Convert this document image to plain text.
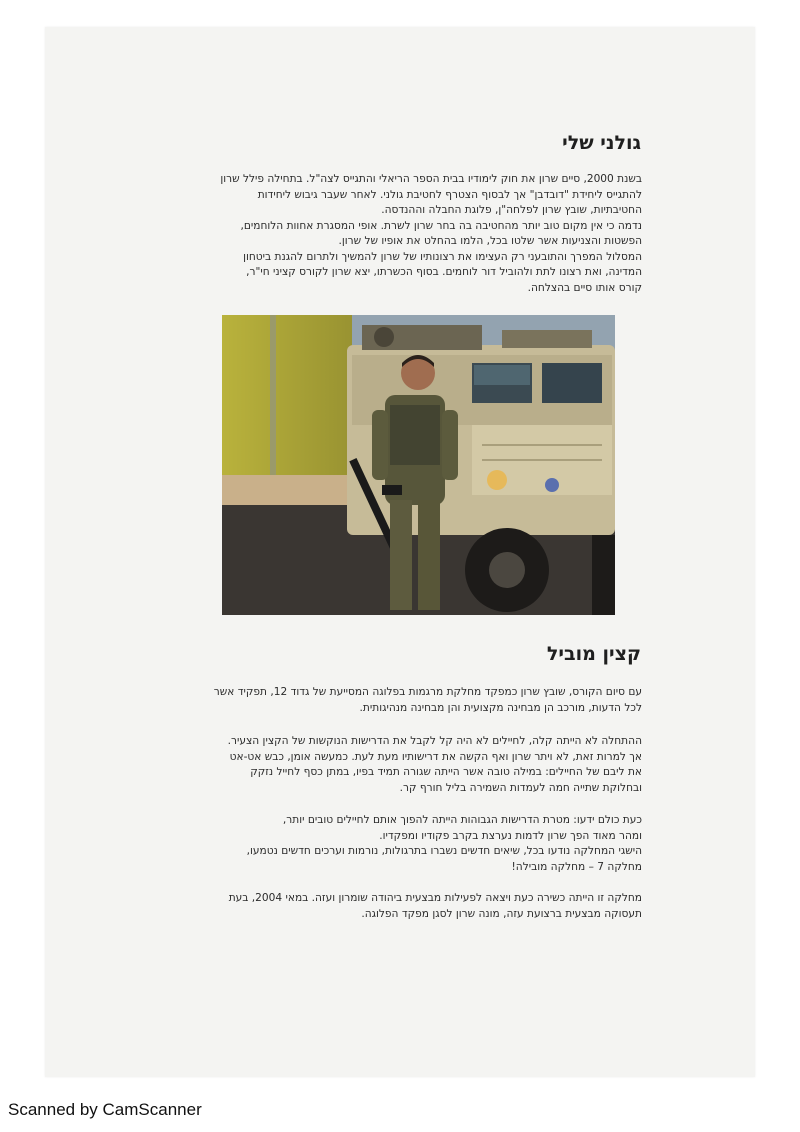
גולני שלי
בשנת 2000, סיים שרון את חוק לימודיו בבית הספר הריאלי והתגייס לצה"ל. בתחילה פילל שרון
להתגייס ליחידת "דובדבן" אך לבסוף הצטרף לחטיבת גולני. לאחר שעבר גיבוש ליחידות
החטיבתיות, שובץ שרון לפלחה"ן, פלוגת החבלה וההנדסה.
נדמה כי אין מקום טוב יותר מהחטיבה בה בחר שרון לשרת. אופי המסגרת אחוות הלוחמים,
הפשטות והצניעות אשר שלטו בכל, הלמו בהחלט את אופיו של שרון.
המסלול המפרך והתובעני רק העצימו את רצונותיו של שרון להמשיך ולתרום להגנת ביטחון
המדינה, ואת רצונו לתת ולהוביל דור לוחמים. בסוף הכשרתו, יצא שרון לקורס קציני חי"ר,
קורס אותו סיים בהצלחה.
קצין מוביל
עם סיום הקורס, שובץ שרון כמפקד מחלקת מרגמות בפלוגה המסייעת של גדוד 12, תפקיד אשר
לכל הדעות, מורכב הן מבחינה מקצועית והן מבחינה מנהיגותית.
ההתחלה לא הייתה קלה, לחיילים לא היה קל לקבל את הדרישות הנוקשות של הקצין הצעיר.
אך למרות זאת, לא ויתר שרון ואף הקשה את דרישותיו מעת לעת. כמעשה אומן, כבש אט-אט
את ליבם של החיילים: במילה טובה אשר הייתה שגורה תמיד בפיו, במתן כסף לחייל נזקק
ובחלוקת שתייה חמה לעמדות השמירה בליל חורף קר.
כעת כולם ידעו: מטרת הדרישות הגבוהות הייתה להפוך אותם לחיילים טובים יותר,
ומהר מאוד הפך שרון לדמות נערצת בקרב פקודיו ומפקדיו.
הישגי המחלקה נודעו בכל, שיאים חדשים נשברו בתרגולות, נורמות וערכים חדשים נטמעו,
מחלקה 7 – מחלקה מובילה!
מחלקה זו הייתה כשירה כעת ויצאה לפעילות מבצעית ביהודה שומרון ועזה. במאי 2004, בעת
תעסוקה מבצעית ברצועת עזה, מונה שרון לסגן מפקד הפלוגה.
Scanned by CamScanner
